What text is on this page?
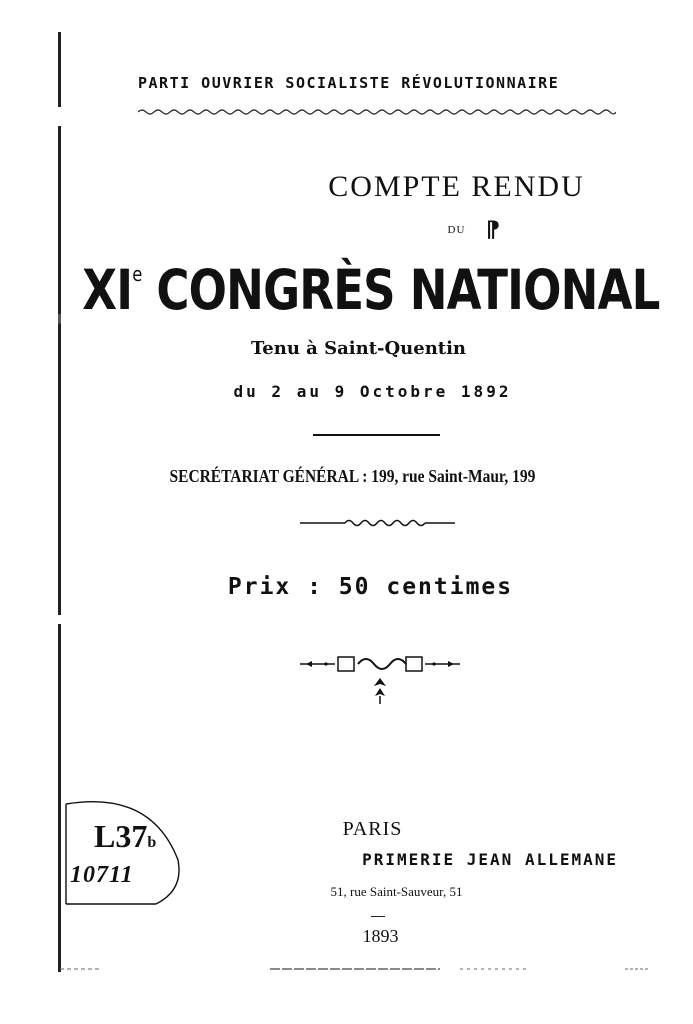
PARTI OUVRIER SOCIALISTE RÉVOLUTIONNAIRE
COMPTE RENDU
DU ⁋
XIe CONGRÈS NATIONAL
Tenu à Saint-Quentin
du 2 au 9 Octobre 1892
SECRÉTARIAT GÉNÉRAL : 199, rue Saint-Maur, 199
Prix : 50 centimes
L37b
10711
PARIS
PRIMERIE JEAN ALLEMANE
51, rue Saint-Sauveur, 51
1893
